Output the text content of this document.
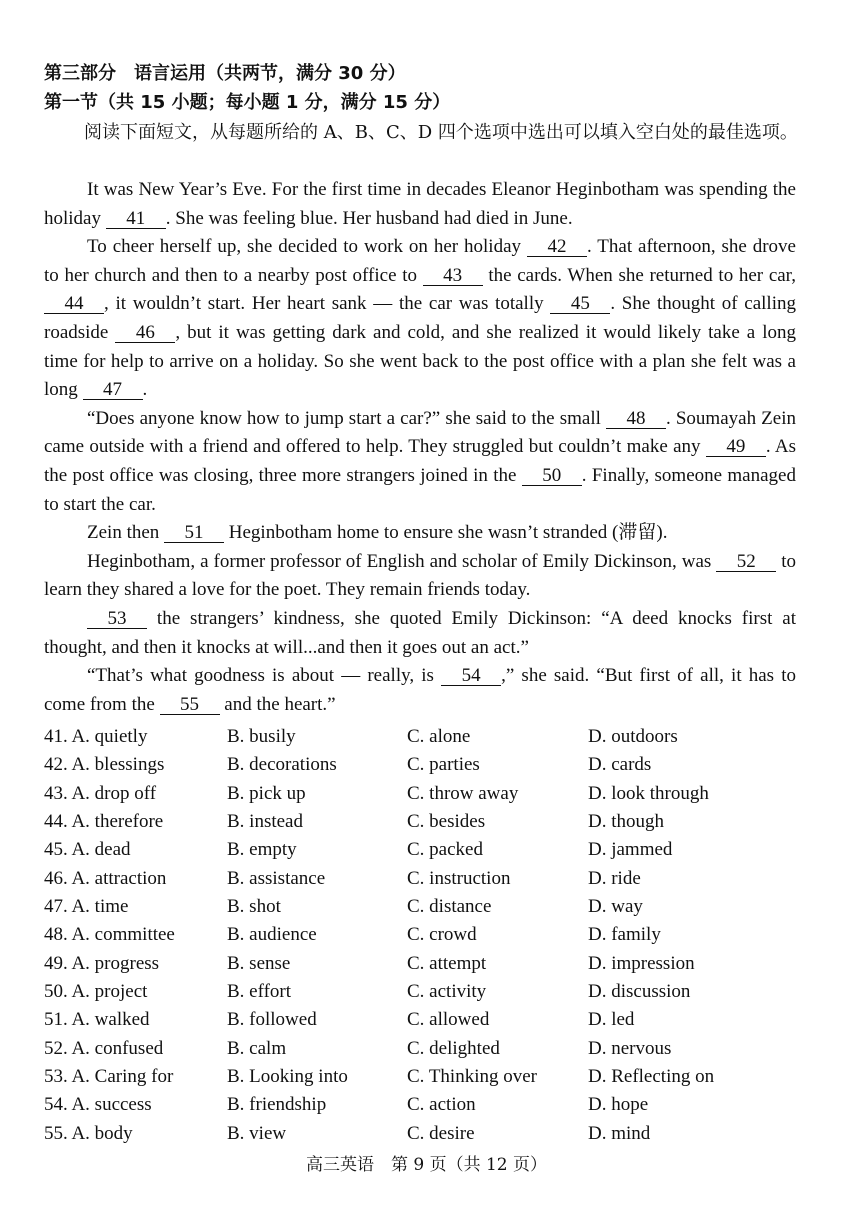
第三部分　语言运用（共两节，满分 30 分）
第一节（共 15 小题；每小题 1 分，满分 15 分）
阅读下面短文，从每题所给的 A、B、C、D 四个选项中选出可以填入空白处的最佳选项。

It was New Year’s Eve. For the first time in decades Eleanor Heginbotham was spending the holiday 41 . She was feeling blue. Her husband had died in June.

To cheer herself up, she decided to work on her holiday 42 . That afternoon, she drove to her church and then to a nearby post office to 43 the cards. When she returned to her car, 44 , it wouldn’t start. Her heart sank — the car was totally 45 . She thought of calling roadside 46 , but it was getting dark and cold, and she realized it would likely take a long time for help to arrive on a holiday. So she went back to the post office with a plan she felt was a long 47 .

“Does anyone know how to jump start a car?” she said to the small 48 . Soumayah Zein came outside with a friend and offered to help. They struggled but couldn’t make any 49 . As the post office was closing, three more strangers joined in the 50 . Finally, someone managed to start the car.

Zein then 51 Heginbotham home to ensure she wasn’t stranded (滞留).

Heginbotham, a former professor of English and scholar of Emily Dickinson, was 52 to learn they shared a love for the poet. They remain friends today.

53 the strangers’ kindness, she quoted Emily Dickinson: “A deed knocks first at thought, and then it knocks at will...and then it goes out an act.”

“That’s what goodness is about — really, is 54 ,” she said. “But first of all, it has to come from the 55 and the heart.”

41. A. quietly	B. busily	C. alone	D. outdoors
42. A. blessings	B. decorations	C. parties	D. cards
43. A. drop off	B. pick up	C. throw away	D. look through
44. A. therefore	B. instead	C. besides	D. though
45. A. dead	B. empty	C. packed	D. jammed
46. A. attraction	B. assistance	C. instruction	D. ride
47. A. time	B. shot	C. distance	D. way
48. A. committee	B. audience	C. crowd	D. family
49. A. progress	B. sense	C. attempt	D. impression
50. A. project	B. effort	C. activity	D. discussion
51. A. walked	B. followed	C. allowed	D. led
52. A. confused	B. calm	C. delighted	D. nervous
53. A. Caring for	B. Looking into	C. Thinking over	D. Reflecting on
54. A. success	B. friendship	C. action	D. hope
55. A. body	B. view	C. desire	D. mind
高三英语　第 9 页（共 12 页）
